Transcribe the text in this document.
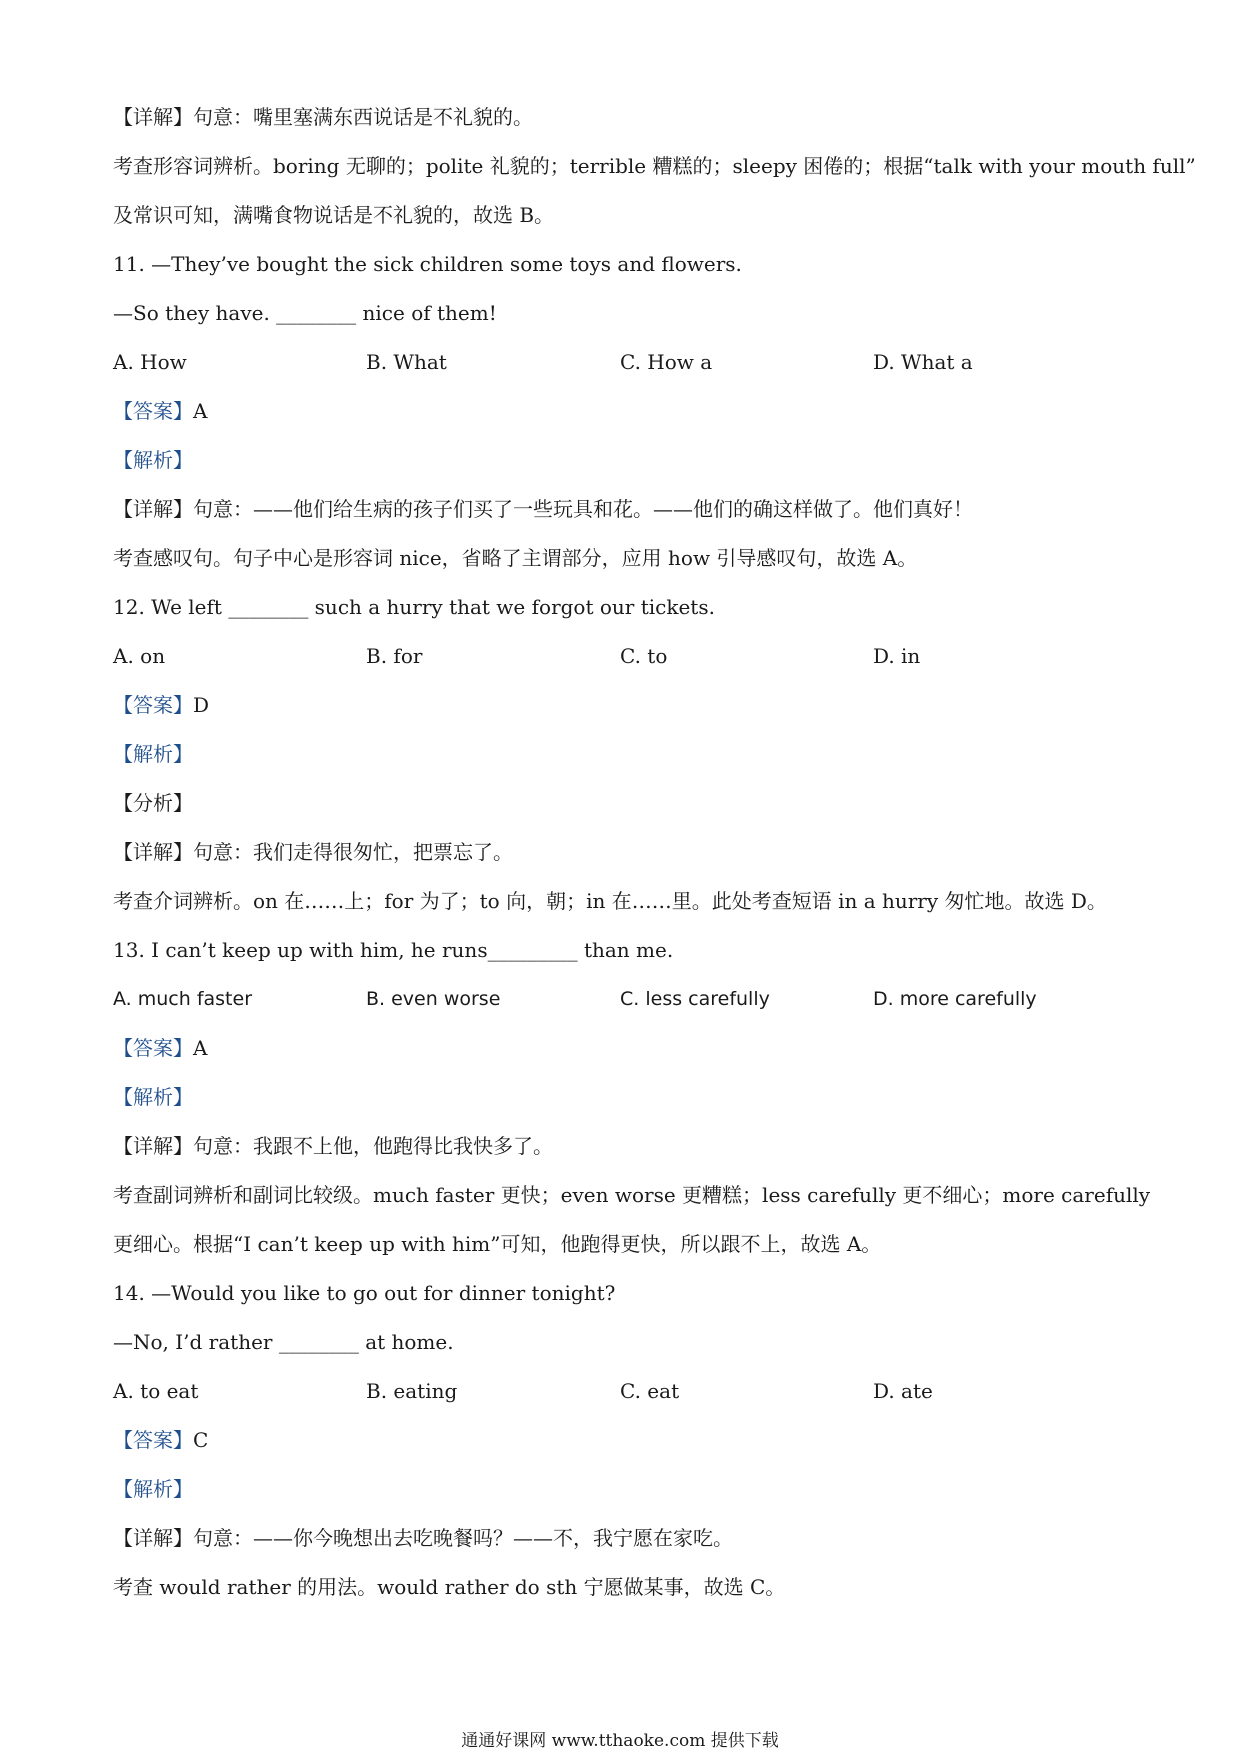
【详解】句意：嘴里塞满东西说话是不礼貌的。
考查形容词辨析。boring 无聊的；polite 礼貌的；terrible 糟糕的；sleepy 困倦的；根据“talk with your mouth full”
及常识可知，满嘴食物说话是不礼貌的，故选 B。
11. —They’ve bought the sick children some toys and flowers.
—So they have. ________ nice of them!
A. How	B. What	C. How a	D. What a
【答案】A
【解析】
【详解】句意：——他们给生病的孩子们买了一些玩具和花。——他们的确这样做了。他们真好！
考查感叹句。句子中心是形容词 nice，省略了主谓部分，应用 how 引导感叹句，故选 A。
12. We left ________ such a hurry that we forgot our tickets.
A. on	B. for	C. to	D. in
【答案】D
【解析】
【分析】
【详解】句意：我们走得很匆忙，把票忘了。
考查介词辨析。on 在……上；for 为了；to 向，朝；in 在……里。此处考查短语 in a hurry 匆忙地。故选 D。
13. I can’t keep up with him, he runs_________ than me.
A. much faster	B. even worse	C. less carefully	D. more carefully
【答案】A
【解析】
【详解】句意：我跟不上他，他跑得比我快多了。
考查副词辨析和副词比较级。much faster 更快；even worse 更糟糕；less carefully 更不细心；more carefully
更细心。根据“I can’t keep up with him”可知，他跑得更快，所以跟不上，故选 A。
14. —Would you like to go out for dinner tonight?
—No, I’d rather ________ at home.
A. to eat	B. eating	C. eat	D. ate
【答案】C
【解析】
【详解】句意：——你今晚想出去吃晚餐吗？——不，我宁愿在家吃。
考查 would rather 的用法。would rather do sth 宁愿做某事，故选 C。
通通好课网 www.tthaoke.com 提供下载
